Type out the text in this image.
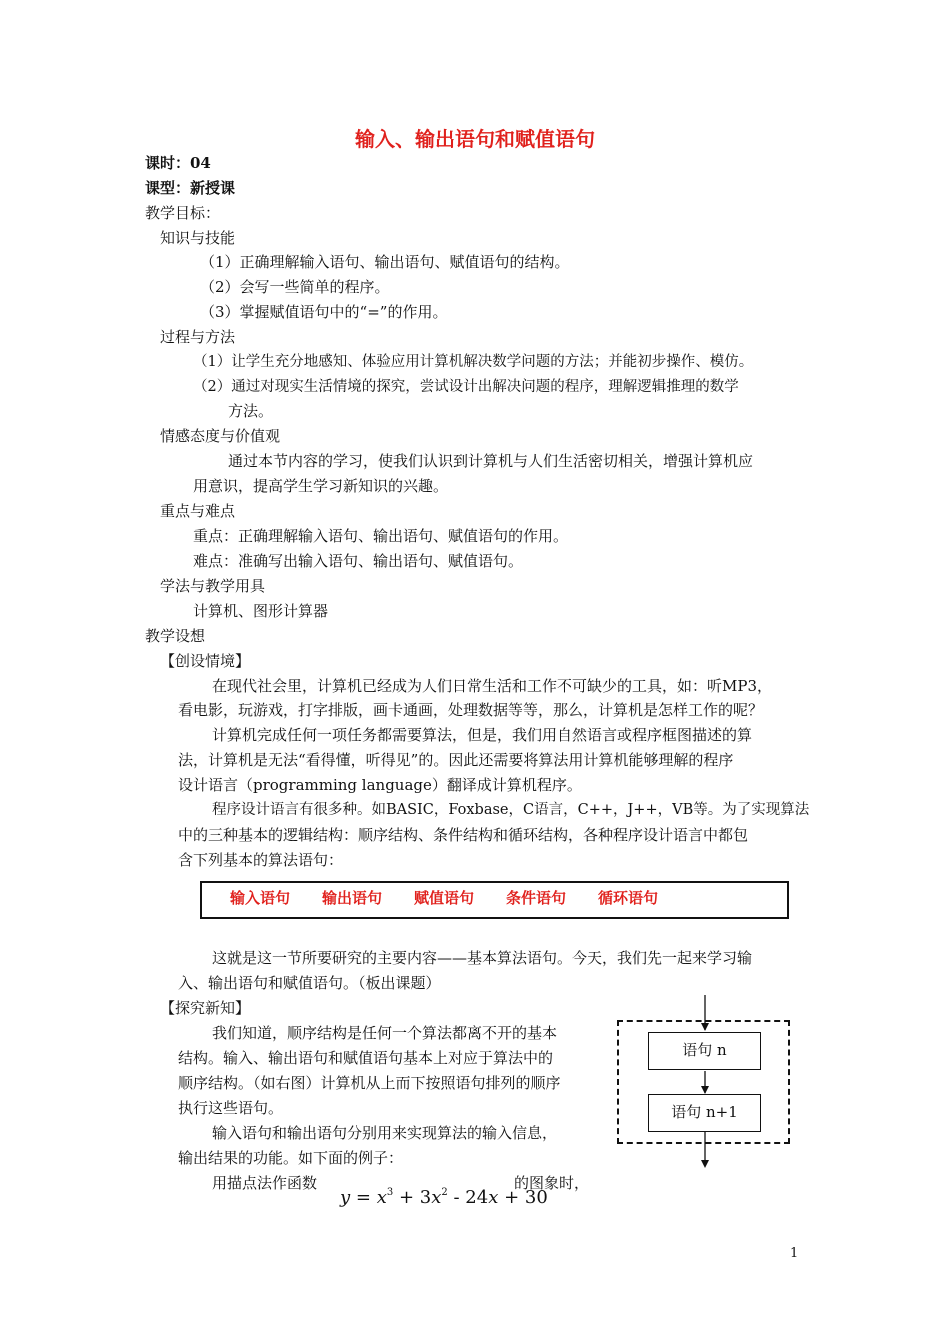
输入、输出语句和赋值语句
课时：04
课型：新授课
教学目标：
知识与技能
（1）正确理解输入语句、输出语句、赋值语句的结构。
（2）会写一些简单的程序。
（3）掌握赋值语句中的“=”的作用。
过程与方法
（1）让学生充分地感知、体验应用计算机解决数学问题的方法；并能初步操作、模仿。
（2）通过对现实生活情境的探究，尝试设计出解决问题的程序，理解逻辑推理的数学
方法。
情感态度与价值观
通过本节内容的学习，使我们认识到计算机与人们生活密切相关，增强计算机应
用意识，提高学生学习新知识的兴趣。
重点与难点
重点：正确理解输入语句、输出语句、赋值语句的作用。
难点：准确写出输入语句、输出语句、赋值语句。
学法与教学用具
计算机、图形计算器
教学设想
【创设情境】
在现代社会里，计算机已经成为人们日常生活和工作不可缺少的工具，如：听MP3，
看电影，玩游戏，打字排版，画卡通画，处理数据等等，那么，计算机是怎样工作的呢？
计算机完成任何一项任务都需要算法，但是，我们用自然语言或程序框图描述的算
法，计算机是无法“看得懂，听得见”的。因此还需要将算法用计算机能够理解的程序
设计语言（programming language）翻译成计算机程序。
程序设计语言有很多种。如BASIC，Foxbase，C语言，C++，J++，VB等。为了实现算法
中的三种基本的逻辑结构：顺序结构、条件结构和循环结构，各种程序设计语言中都包
含下列基本的算法语句：
输入语句 输出语句 赋值语句 条件语句 循环语句
这就是这一节所要研究的主要内容——基本算法语句。今天，我们先一起来学习输
入、输出语句和赋值语句。（板出课题）
【探究新知】
我们知道，顺序结构是任何一个算法都离不开的基本
结构。输入、输出语句和赋值语句基本上对应于算法中的
顺序结构。（如右图）计算机从上而下按照语句排列的顺序
执行这些语句。
输入语句和输出语句分别用来实现算法的输入信息，
输出结果的功能。如下面的例子：
用描点法作函数
$y = x^3 + 3x^2 - 24x + 30$
的图象时，
语句 n
语句 n+1
1
